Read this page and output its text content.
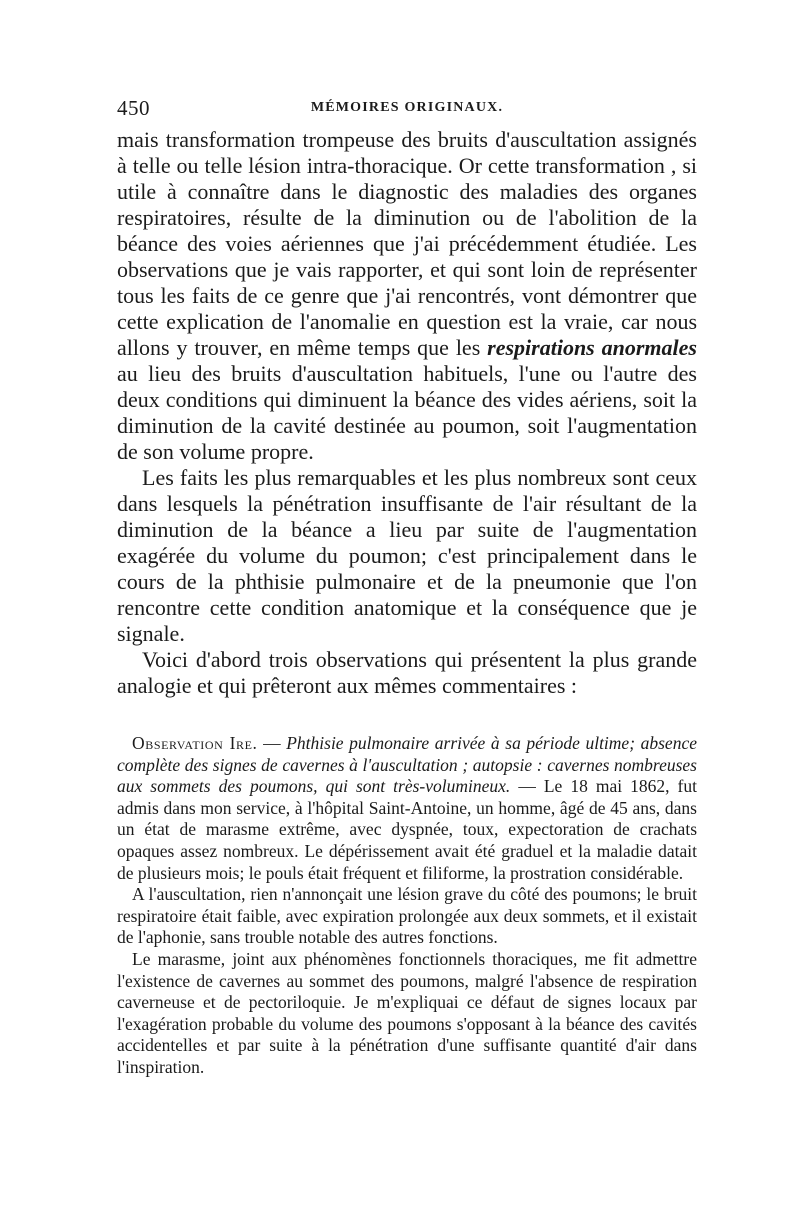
450	MÉMOIRES ORIGINAUX.

mais transformation trompeuse des bruits d'auscultation assignés à telle ou telle lésion intra-thoracique. Or cette transformation , si utile à connaître dans le diagnostic des maladies des organes respiratoires, résulte de la diminution ou de l'abolition de la béance des voies aériennes que j'ai précédemment étudiée. Les observations que je vais rapporter, et qui sont loin de représenter tous les faits de ce genre que j'ai rencontrés, vont démontrer que cette explication de l'anomalie en question est la vraie, car nous allons y trouver, en même temps que les respirations anormales au lieu des bruits d'auscultation habituels, l'une ou l'autre des deux conditions qui diminuent la béance des vides aériens, soit la diminution de la cavité destinée au poumon, soit l'augmentation de son volume propre.

Les faits les plus remarquables et les plus nombreux sont ceux dans lesquels la pénétration insuffisante de l'air résultant de la diminution de la béance a lieu par suite de l'augmentation exagérée du volume du poumon; c'est principalement dans le cours de la phthisie pulmonaire et de la pneumonie que l'on rencontre cette condition anatomique et la conséquence que je signale.

Voici d'abord trois observations qui présentent la plus grande analogie et qui prêteront aux mêmes commentaires :

Observation Ire. — Phthisie pulmonaire arrivée à sa période ultime; absence complète des signes de cavernes à l'auscultation ; autopsie : cavernes nombreuses aux sommets des poumons, qui sont très-volumineux. — Le 18 mai 1862, fut admis dans mon service, à l'hôpital Saint-Antoine, un homme, âgé de 45 ans, dans un état de marasme extrême, avec dyspnée, toux, expectoration de crachats opaques assez nombreux. Le dépérissement avait été graduel et la maladie datait de plusieurs mois; le pouls était fréquent et filiforme, la prostration considérable.

A l'auscultation, rien n'annonçait une lésion grave du côté des poumons; le bruit respiratoire était faible, avec expiration prolongée aux deux sommets, et il existait de l'aphonie, sans trouble notable des autres fonctions.

Le marasme, joint aux phénomènes fonctionnels thoraciques, me fit admettre l'existence de cavernes au sommet des poumons, malgré l'absence de respiration caverneuse et de pectoriloquie. Je m'expliquai ce défaut de signes locaux par l'exagération probable du volume des poumons s'opposant à la béance des cavités accidentelles et par suite à la pénétration d'une suffisante quantité d'air dans l'inspiration.
